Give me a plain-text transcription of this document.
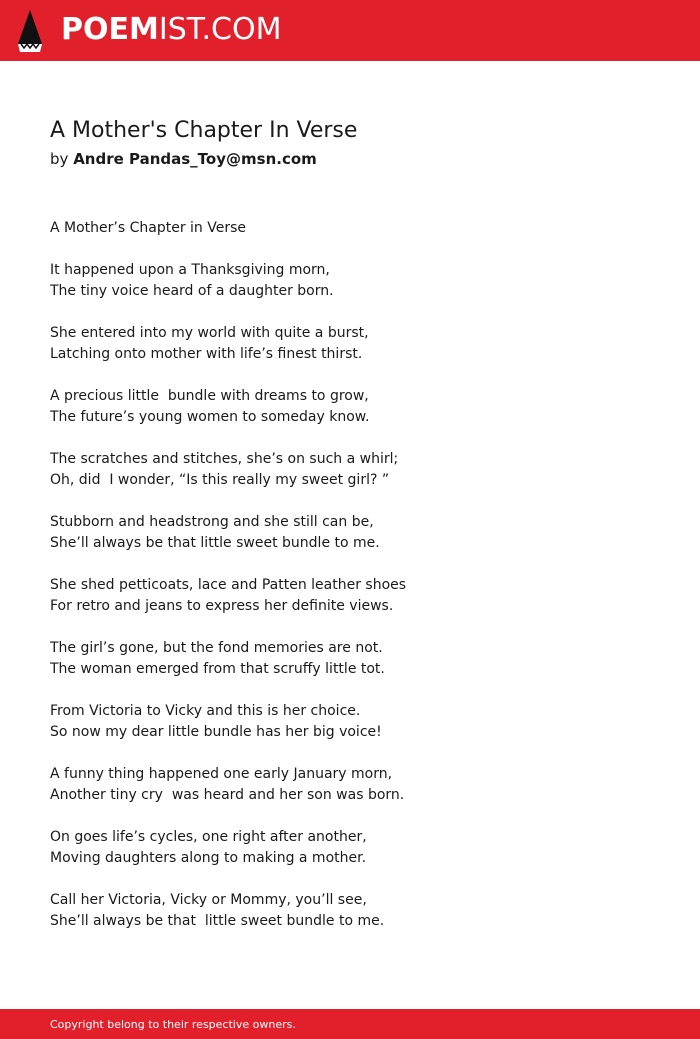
POEMIST.COM
A Mother's Chapter In Verse
by Andre Pandas_Toy@msn.com
A Mother’s Chapter in Verse
It happened upon a Thanksgiving morn,
The tiny voice heard of a daughter born.
She entered into my world with quite a burst,
Latching onto mother with life’s finest thirst.
A precious little  bundle with dreams to grow,
The future’s young women to someday know.
The scratches and stitches, she’s on such a whirl;
Oh, did  I wonder, “Is this really my sweet girl? ”
Stubborn and headstrong and she still can be,
She’ll always be that little sweet bundle to me.
She shed petticoats, lace and Patten leather shoes
For retro and jeans to express her definite views.
The girl’s gone, but the fond memories are not.
The woman emerged from that scruffy little tot.
From Victoria to Vicky and this is her choice.
So now my dear little bundle has her big voice!
A funny thing happened one early January morn,
Another tiny cry  was heard and her son was born.
On goes life’s cycles, one right after another,
Moving daughters along to making a mother.
Call her Victoria, Vicky or Mommy, you’ll see,
She’ll always be that  little sweet bundle to me.
Copyright belong to their respective owners.
